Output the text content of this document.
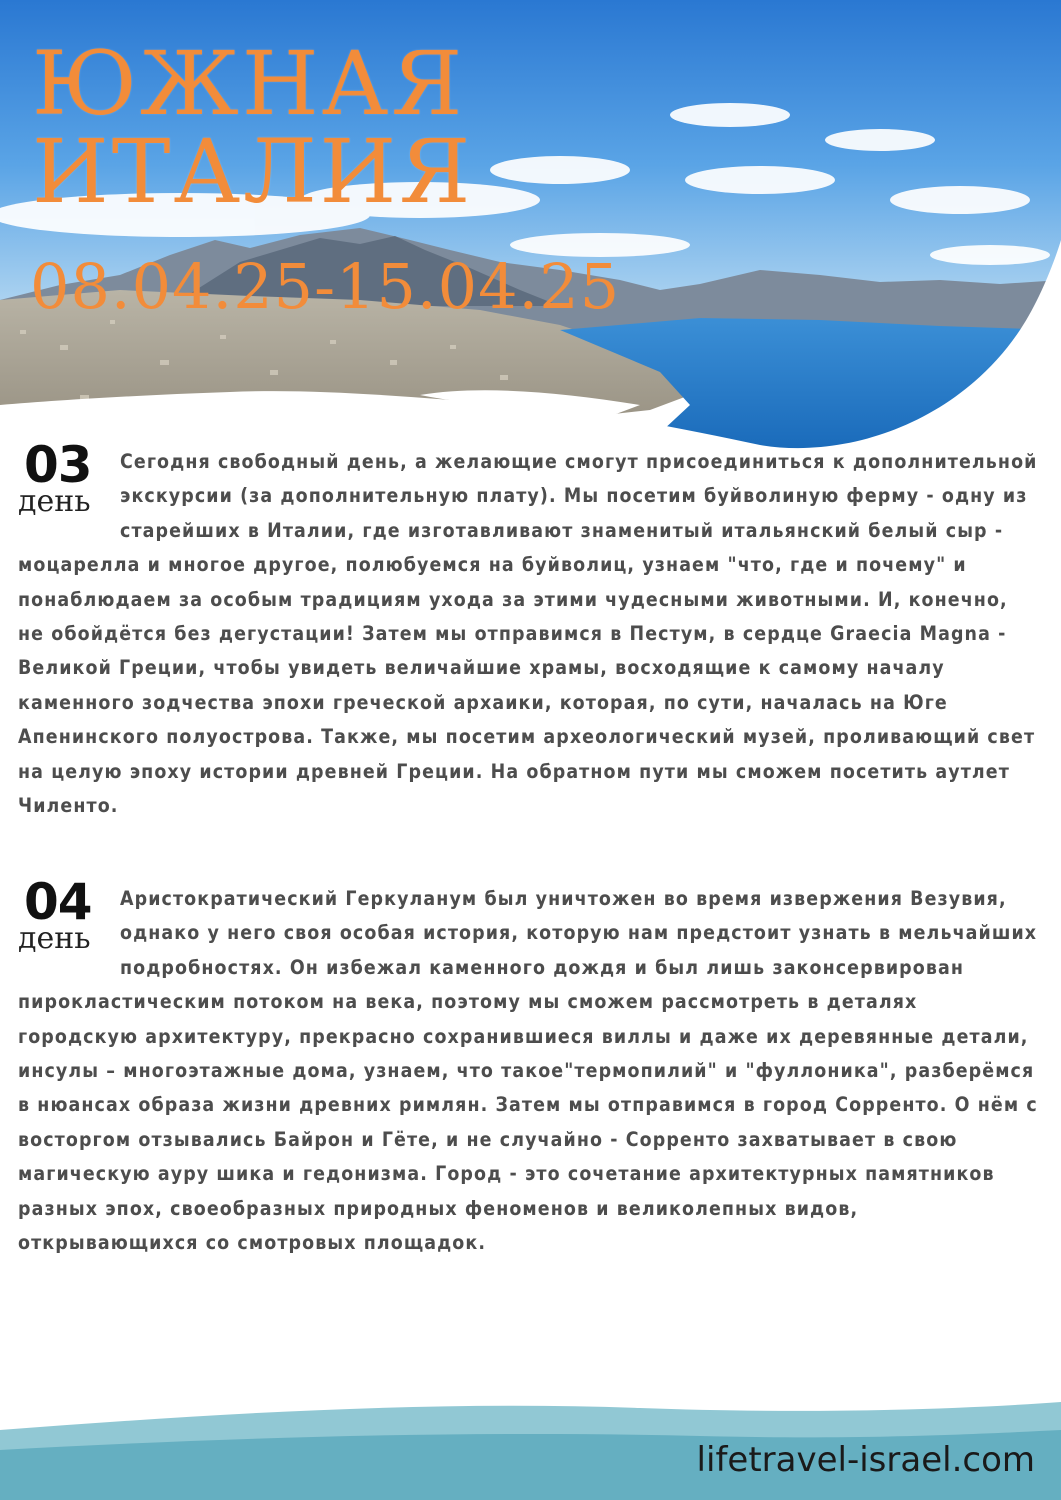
ЮЖНАЯ
ИТАЛИЯ
08.04.25-15.04.25
03
день

Сегодня свободный день, а желающие смогут присоединиться к дополнительной экскурсии (за дополнительную плату). Мы посетим буйволиную ферму - одну из старейших в Италии, где изготавливают знаменитый итальянский белый сыр - моцарелла и многое другое, полюбуемся на буйволиц, узнаем "что, где и почему" и понаблюдаем за особым традициям ухода за этими чудесными животными. И, конечно, не обойдётся без дегустации! Затем мы отправимся в Пестум, в сердце Graecia Magna - Великой Греции, чтобы увидеть величайшие храмы, восходящие к самому началу каменного зодчества эпохи греческой архаики, которая, по сути, началась на Юге Апенинского полуострова. Также, мы посетим археологический музей, проливающий свет на целую эпоху истории древней Греции. На обратном пути мы сможем посетить аутлет Чиленто.

04
день

Аристократический Геркуланум был уничтожен во время извержения Везувия, однако у него своя особая история, которую нам предстоит узнать в мельчайших подробностях. Он избежал каменного дождя и был лишь законсервирован пирокластическим потоком на века, поэтому мы сможем рассмотреть в деталях городскую архитектуру, прекрасно сохранившиеся виллы и даже их деревянные детали, инсулы – многоэтажные дома, узнаем, что такое"термопилий" и "фуллоника", разберёмся в нюансах образа жизни древних римлян. Затем мы отправимся в город Сорренто. О нём с восторгом отзывались Байрон и Гёте, и не случайно - Сорренто захватывает в свою магическую ауру шика и гедонизма. Город - это сочетание архитектурных памятников разных эпох, своеобразных природных феноменов и великолепных видов, открывающихся со смотровых площадок.

lifetravel-israel.com
